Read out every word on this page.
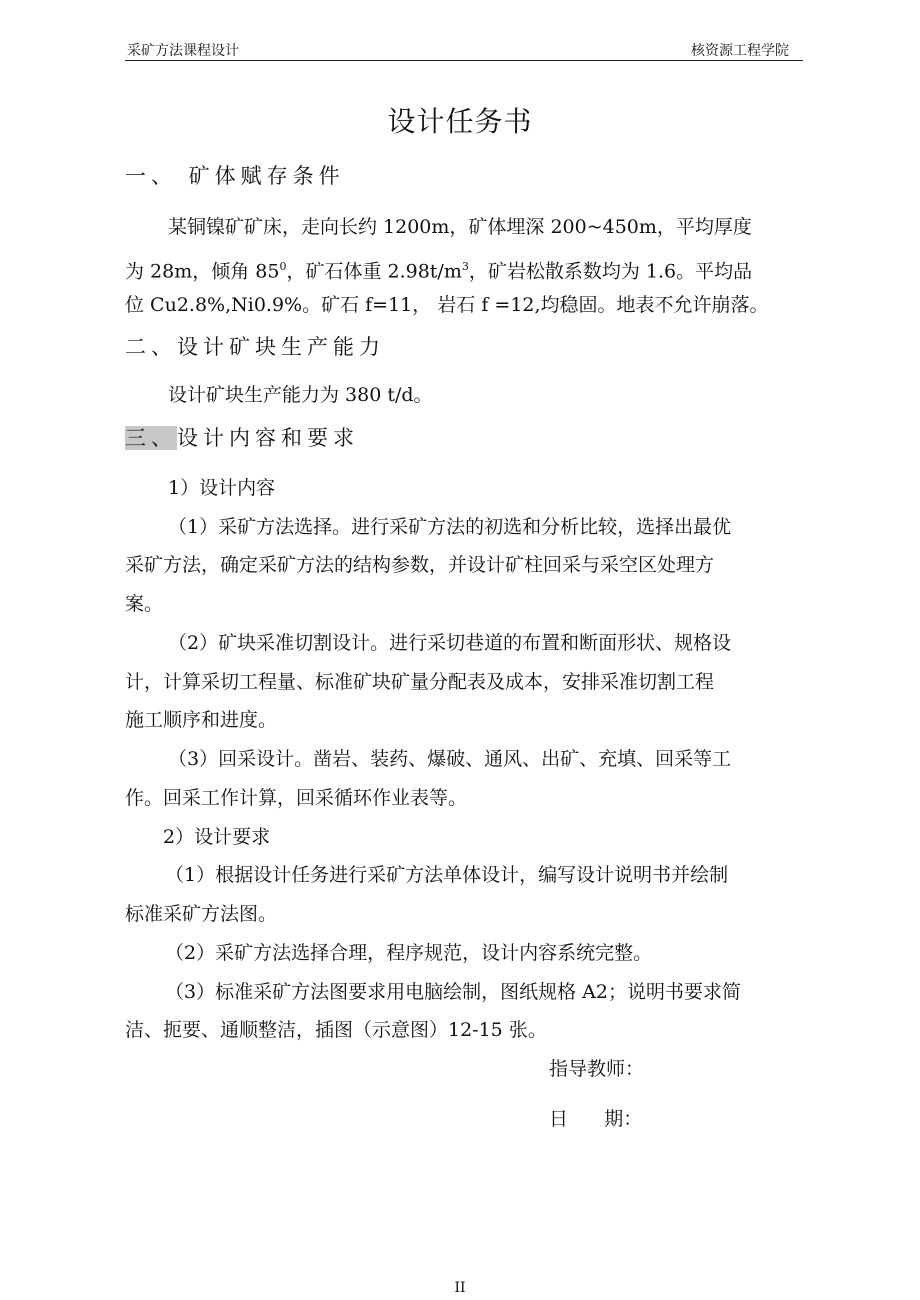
采矿方法课程设计	核资源工程学院
设计任务书
一、 矿体赋存条件
某铜镍矿矿床，走向长约 1200m，矿体埋深 200~450m，平均厚度
为 28m，倾角 $85^0$，矿石体重 $2.98t/m^3$，矿岩松散系数均为 1.6。平均品
位 Cu2.8%,Ni0.9%。矿石 f=11， 岩石 f =12,均稳固。地表不允许崩落。
二、设计矿块生产能力
设计矿块生产能力为 380 t/d。
三、设计内容和要求
1）设计内容
（1）采矿方法选择。进行采矿方法的初选和分析比较，选择出最优
采矿方法，确定采矿方法的结构参数，并设计矿柱回采与采空区处理方
案。
（2）矿块采准切割设计。进行采切巷道的布置和断面形状、规格设
计，计算采切工程量、标准矿块矿量分配表及成本，安排采准切割工程
施工顺序和进度。
（3）回采设计。凿岩、装药、爆破、通风、出矿、充填、回采等工
作。回采工作计算，回采循环作业表等。
2）设计要求
（1）根据设计任务进行采矿方法单体设计，编写设计说明书并绘制
标准采矿方法图。
（2）采矿方法选择合理，程序规范，设计内容系统完整。
（3）标准采矿方法图要求用电脑绘制，图纸规格 A2；说明书要求简
洁、扼要、通顺整洁，插图（示意图）12-15 张。
指导教师：
日      期：
II
